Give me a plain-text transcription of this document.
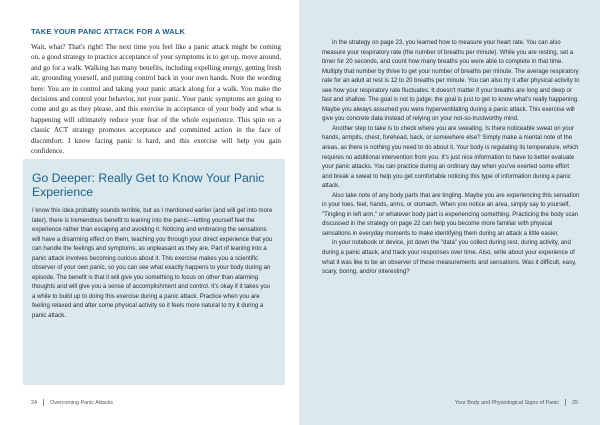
TAKE YOUR PANIC ATTACK FOR A WALK

Wait, what? That's right! The next time you feel like a panic attack might be coming on, a good strategy to practice acceptance of your symptoms is to get up, move around, and go for a walk. Walking has many benefits, including expelling energy, getting fresh air, grounding yourself, and putting control back in your own hands. Note the wording here: You are in control and taking your panic attack along for a walk. You make the decisions and control your behavior, not your panic. Your panic symptoms are going to come and go as they please, and this exercise in acceptance of your body and what is happening will ultimately reduce your fear of the whole experience. This spin on a classic ACT strategy promotes acceptance and committed action in the face of discomfort. I know facing panic is hard, and this exercise will help you gain confidence.

Go Deeper: Really Get to Know Your Panic Experience

I know this idea probably sounds terrible, but as I mentioned earlier (and will get into more later), there is tremendous benefit to leaning into the panic—letting yourself feel the experience rather than escaping and avoiding it. Noticing and embracing the sensations will have a disarming effect on them, teaching you through your direct experience that you can handle the feelings and symptoms, as unpleasant as they are. Part of leaning into a panic attack involves becoming curious about it. This exercise makes you a scientific observer of your own panic, so you can see what exactly happens to your body during an episode. The benefit is that it will give you something to focus on other than alarming thoughts and will give you a sense of accomplishment and control. It's okay if it takes you a while to build up to doing this exercise during a panic attack. Practice when you are feeling relaxed and after some physical activity so it feels more natural to try it during a panic attack.

24 Overcoming Panic Attacks

In the strategy on page 23, you learned how to measure your heart rate. You can also measure your respiratory rate (the number of breaths per minute). While you are resting, set a timer for 20 seconds, and count how many breaths you were able to complete in that time. Multiply that number by three to get your number of breaths per minute. The average respiratory rate for an adult at rest is 12 to 20 breaths per minute. You can also try it after physical activity to see how your respiratory rate fluctuates. It doesn't matter if your breaths are long and deep or fast and shallow. The goal is not to judge; the goal is just to get to know what's really happening. Maybe you always assumed you were hyperventilating during a panic attack. This exercise will give you concrete data instead of relying on your not-so-trustworthy mind.

Another step to take is to check where you are sweating. Is there noticeable sweat on your hands, armpits, chest, forehead, back, or somewhere else? Simply make a mental note of the areas, as there is nothing you need to do about it. Your body is regulating its temperature, which requires no additional intervention from you. It's just nice information to have to better evaluate your panic attacks. You can practice during an ordinary day when you've exerted some effort and break a sweat to help you get comfortable noticing this type of information during a panic attack.

Also take note of any body parts that are tingling. Maybe you are experiencing this sensation in your toes, feet, hands, arms, or stomach. When you notice an area, simply say to yourself, "Tingling in left arm," or whatever body part is experiencing something. Practicing the body scan discussed in the strategy on page 22 can help you become more familiar with physical sensations in everyday moments to make identifying them during an attack a little easier.

In your notebook or device, jot down the "data" you collect during rest, during activity, and during a panic attack, and track your responses over time. Also, write about your experience of what it was like to be an observer of these measurements and sensations. Was it difficult, easy, scary, boring, and/or interesting?

Your Body and Physiological Signs of Panic 25
